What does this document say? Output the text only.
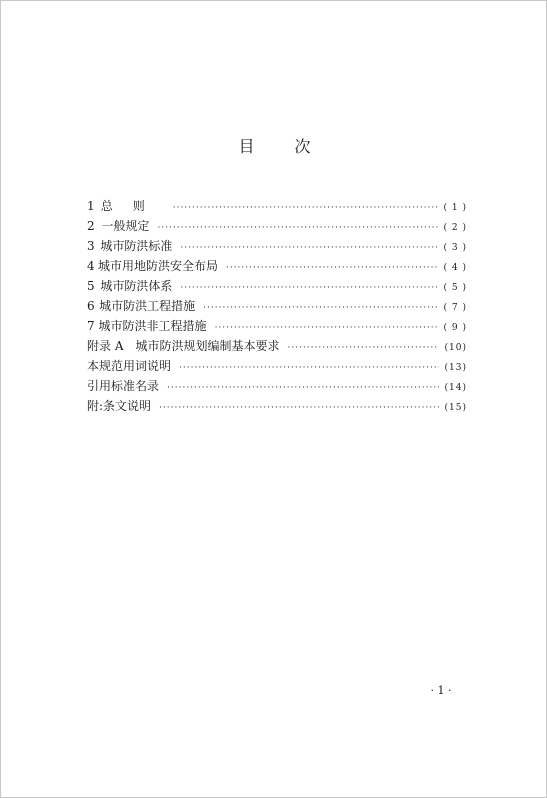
目次
1 总则 ·····	( 1 )
2 一般规定 ·····	( 2 )
3 城市防洪标准 ·····	( 3 )
4 城市用地防洪安全布局 ·····	( 4 )
5 城市防洪体系 ·····	( 5 )
6 城市防洪工程措施 ·····	( 7 )
7 城市防洪非工程措施 ·····	( 9 )
附录 A　城市防洪规划编制基本要求 ·····	(10)
本规范用词说明 ·····	(13)
引用标准名录 ·····	(14)
附:条文说明 ·····	(15)
· 1 ·
